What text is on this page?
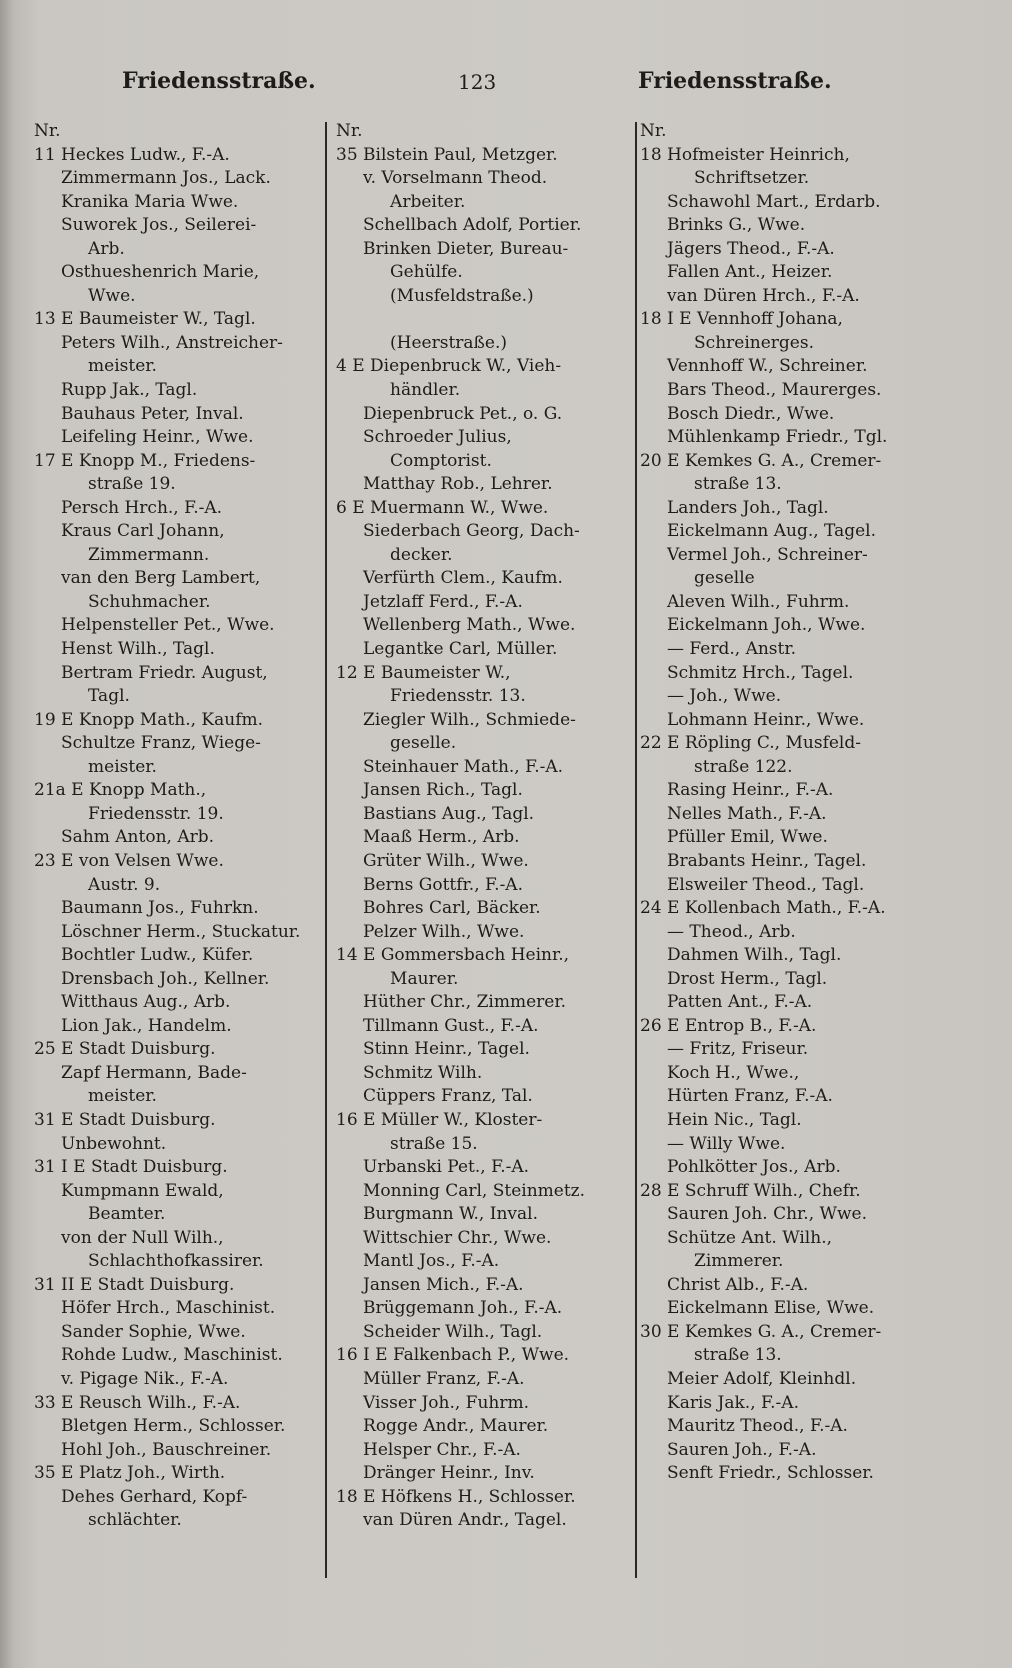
Friedensstraße.	123	Friedensstraße.
Nr.
11 Heckes Ludw., F.-A.
Zimmermann Jos., Lack.
Kranika Maria Wwe.
Suworek Jos., Seilerei-
Arb.
Osthueshenrich Marie,
Wwe.
13 E Baumeister W., Tagl.
Peters Wilh., Anstreicher-
meister.
Rupp Jak., Tagl.
Bauhaus Peter, Inval.
Leifeling Heinr., Wwe.
17 E Knopp M., Friedens-
straße 19.
Persch Hrch., F.-A.
Kraus Carl Johann,
Zimmermann.
van den Berg Lambert,
Schuhmacher.
Helpensteller Pet., Wwe.
Henst Wilh., Tagl.
Bertram Friedr. August,
Tagl.
19 E Knopp Math., Kaufm.
Schultze Franz, Wiege-
meister.
21a E Knopp Math.,
Friedensstr. 19.
Sahm Anton, Arb.
23 E von Velsen Wwe.
Austr. 9.
Baumann Jos., Fuhrkn.
Löschner Herm., Stuckatur.
Bochtler Ludw., Küfer.
Drensbach Joh., Kellner.
Witthaus Aug., Arb.
Lion Jak., Handelm.
25 E Stadt Duisburg.
Zapf Hermann, Bade-
meister.
31 E Stadt Duisburg.
Unbewohnt.
31 I E Stadt Duisburg.
Kumpmann Ewald,
Beamter.
von der Null Wilh.,
Schlachthofkassirer.
31 II E Stadt Duisburg.
Höfer Hrch., Maschinist.
Sander Sophie, Wwe.
Rohde Ludw., Maschinist.
v. Pigage Nik., F.-A.
33 E Reusch Wilh., F.-A.
Bletgen Herm., Schlosser.
Hohl Joh., Bauschreiner.
35 E Platz Joh., Wirth.
Dehes Gerhard, Kopf-
schlächter.
Nr.
35 Bilstein Paul, Metzger.
v. Vorselmann Theod.
Arbeiter.
Schellbach Adolf, Portier.
Brinken Dieter, Bureau-
Gehülfe.
(Musfeldstraße.)
(Heerstraße.)
4 E Diepenbruck W., Vieh-
händler.
Diepenbruck Pet., o. G.
Schroeder Julius,
Comptorist.
Matthay Rob., Lehrer.
6 E Muermann W., Wwe.
Siederbach Georg, Dach-
decker.
Verfürth Clem., Kaufm.
Jetzlaff Ferd., F.-A.
Wellenberg Math., Wwe.
Legantke Carl, Müller.
12 E Baumeister W.,
Friedensstr. 13.
Ziegler Wilh., Schmiede-
geselle.
Steinhauer Math., F.-A.
Jansen Rich., Tagl.
Bastians Aug., Tagl.
Maaß Herm., Arb.
Grüter Wilh., Wwe.
Berns Gottfr., F.-A.
Bohres Carl, Bäcker.
Pelzer Wilh., Wwe.
14 E Gommersbach Heinr.,
Maurer.
Hüther Chr., Zimmerer.
Tillmann Gust., F.-A.
Stinn Heinr., Tagel.
Schmitz Wilh.
Cüppers Franz, Tal.
16 E Müller W., Kloster-
straße 15.
Urbanski Pet., F.-A.
Monning Carl, Steinmetz.
Burgmann W., Inval.
Wittschier Chr., Wwe.
Mantl Jos., F.-A.
Jansen Mich., F.-A.
Brüggemann Joh., F.-A.
Scheider Wilh., Tagl.
16 I E Falkenbach P., Wwe.
Müller Franz, F.-A.
Visser Joh., Fuhrm.
Rogge Andr., Maurer.
Helsper Chr., F.-A.
Dränger Heinr., Inv.
18 E Höfkens H., Schlosser.
van Düren Andr., Tagel.
Nr.
18 Hofmeister Heinrich,
Schriftsetzer.
Schawohl Mart., Erdarb.
Brinks G., Wwe.
Jägers Theod., F.-A.
Fallen Ant., Heizer.
van Düren Hrch., F.-A.
18 I E Vennhoff Johana,
Schreinerges.
Vennhoff W., Schreiner.
Bars Theod., Maurerges.
Bosch Diedr., Wwe.
Mühlenkamp Friedr., Tgl.
20 E Kemkes G. A., Cremer-
straße 13.
Landers Joh., Tagl.
Eickelmann Aug., Tagel.
Vermel Joh., Schreiner-
geselle
Aleven Wilh., Fuhrm.
Eickelmann Joh., Wwe.
— Ferd., Anstr.
Schmitz Hrch., Tagel.
— Joh., Wwe.
Lohmann Heinr., Wwe.
22 E Röpling C., Musfeld-
straße 122.
Rasing Heinr., F.-A.
Nelles Math., F.-A.
Pfüller Emil, Wwe.
Brabants Heinr., Tagel.
Elsweiler Theod., Tagl.
24 E Kollenbach Math., F.-A.
— Theod., Arb.
Dahmen Wilh., Tagl.
Drost Herm., Tagl.
Patten Ant., F.-A.
26 E Entrop B., F.-A.
— Fritz, Friseur.
Koch H., Wwe.,
Hürten Franz, F.-A.
Hein Nic., Tagl.
— Willy Wwe.
Pohlkötter Jos., Arb.
28 E Schruff Wilh., Chefr.
Sauren Joh. Chr., Wwe.
Schütze Ant. Wilh.,
Zimmerer.
Christ Alb., F.-A.
Eickelmann Elise, Wwe.
30 E Kemkes G. A., Cremer-
straße 13.
Meier Adolf, Kleinhdl.
Karis Jak., F.-A.
Mauritz Theod., F.-A.
Sauren Joh., F.-A.
Senft Friedr., Schlosser.
